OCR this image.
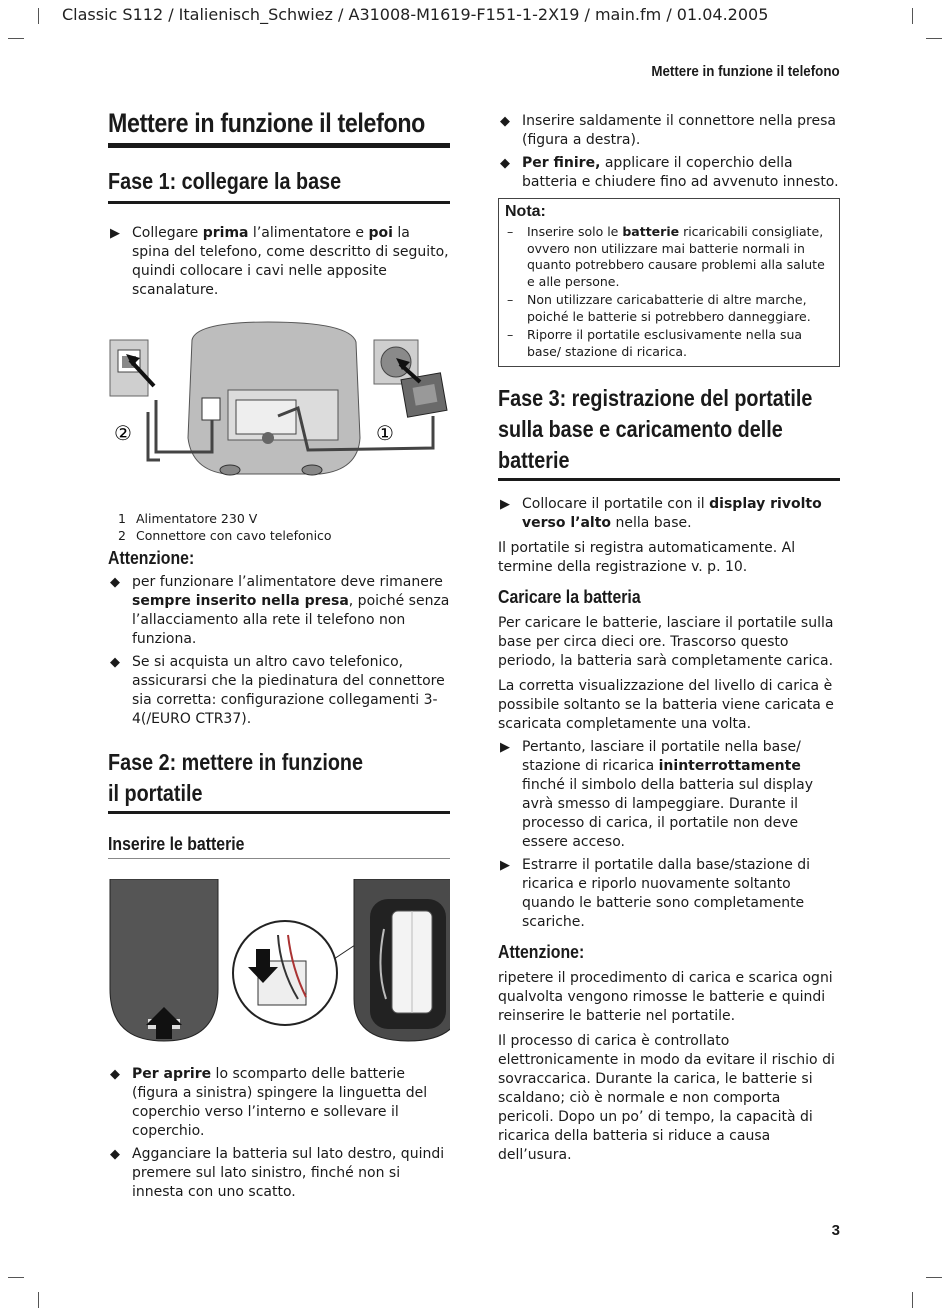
Classic S112 / Italienisch_Schwiez / A31008-M1619-F151-1-2X19 / main.fm / 01.04.2005
Mettere in funzione il telefono
Mettere in funzione il telefono
Fase 1: collegare la base
▶ Collegare prima l’alimentatore e poi la spina del telefono, come descritto di seguito, quindi collocare i cavi nelle apposite scanalature.
②	①
1 Alimentatore 230 V
2 Connettore con cavo telefonico
Attenzione:
◆ per funzionare l’alimentatore deve rimanere sempre inserito nella presa, poiché senza l’allacciamento alla rete il telefono non funziona.
◆ Se si acquista un altro cavo telefonico, assicurarsi che la piedinatura del connettore sia corretta: configurazione collegamenti 3-4(/EURO CTR37).
Fase 2: mettere in funzione
il portatile
Inserire le batterie
◆ Per aprire lo scomparto delle batterie (figura a sinistra) spingere la linguetta del coperchio verso l’interno e sollevare il coperchio.
◆ Agganciare la batteria sul lato destro, quindi premere sul lato sinistro, finché non si innesta con uno scatto.
◆ Inserire saldamente il connettore nella presa (figura a destra).
◆ Per finire, applicare il coperchio della batteria e chiudere fino ad avvenuto innesto.
Nota:
– Inserire solo le batterie ricaricabili consigliate, ovvero non utilizzare mai batterie normali in quanto potrebbero causare problemi alla salute e alle persone.
– Non utilizzare caricabatterie di altre marche, poiché le batterie si potrebbero danneggiare.
– Riporre il portatile esclusivamente nella sua base/ stazione di ricarica.
Fase 3: registrazione del portatile
sulla base e caricamento delle
batterie
▶ Collocare il portatile con il display rivolto verso l’alto nella base.
Il portatile si registra automaticamente. Al termine della registrazione v. p. 10.
Caricare la batteria
Per caricare le batterie, lasciare il portatile sulla base per circa dieci ore. Trascorso questo periodo, la batteria sarà completamente carica.
La corretta visualizzazione del livello di carica è possibile soltanto se la batteria viene caricata e scaricata completamente una volta.
▶ Pertanto, lasciare il portatile nella base/ stazione di ricarica ininterrottamente finché il simbolo della batteria sul display avrà smesso di lampeggiare. Durante il processo di carica, il portatile non deve essere acceso.
▶ Estrarre il portatile dalla base/stazione di ricarica e riporlo nuovamente soltanto quando le batterie sono completamente scariche.
Attenzione:
ripetere il procedimento di carica e scarica ogni qualvolta vengono rimosse le batterie e quindi reinserire le batterie nel portatile.
Il processo di carica è controllato elettronicamente in modo da evitare il rischio di sovraccarica. Durante la carica, le batterie si scaldano; ciò è normale e non comporta pericoli. Dopo un po’ di tempo, la capacità di ricarica della batteria si riduce a causa dell’usura.
3
